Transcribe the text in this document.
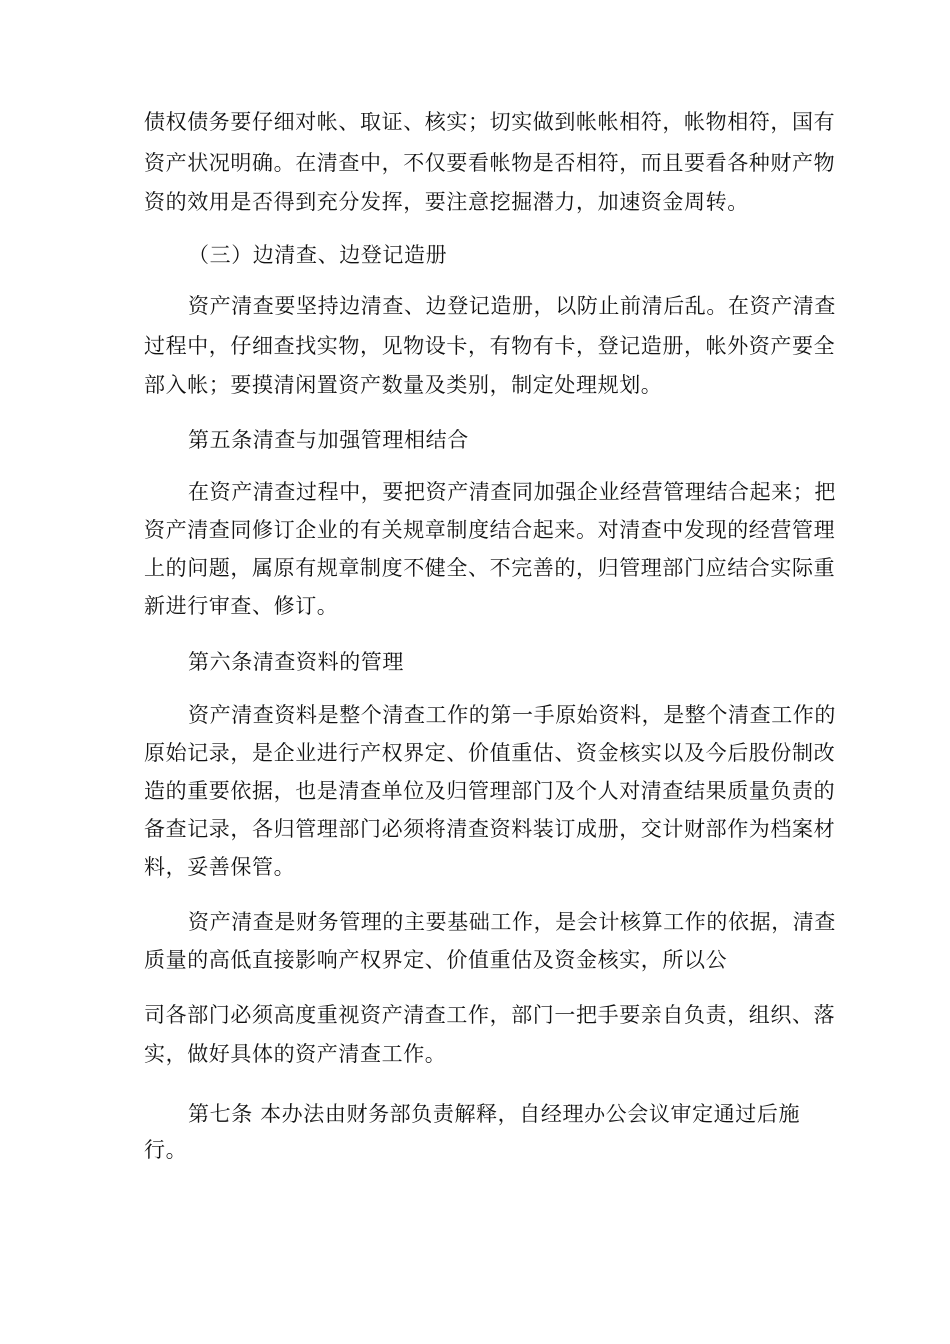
债权债务要仔细对帐、取证、核实；切实做到帐帐相符，帐物相符，国有
资产状况明确。在清查中，不仅要看帐物是否相符，而且要看各种财产物
资的效用是否得到充分发挥，要注意挖掘潜力，加速资金周转。
（三）边清查、边登记造册
资产清查要坚持边清查、边登记造册，以防止前清后乱。在资产清查
过程中，仔细查找实物，见物设卡，有物有卡，登记造册，帐外资产要全
部入帐；要摸清闲置资产数量及类别，制定处理规划。
第五条清查与加强管理相结合
在资产清查过程中，要把资产清查同加强企业经营管理结合起来；把
资产清查同修订企业的有关规章制度结合起来。对清查中发现的经营管理
上的问题，属原有规章制度不健全、不完善的，归管理部门应结合实际重
新进行审查、修订。
第六条清查资料的管理
资产清查资料是整个清查工作的第一手原始资料，是整个清查工作的
原始记录，是企业进行产权界定、价值重估、资金核实以及今后股份制改
造的重要依据，也是清查单位及归管理部门及个人对清查结果质量负责的
备查记录，各归管理部门必须将清查资料装订成册，交计财部作为档案材
料，妥善保管。
资产清查是财务管理的主要基础工作，是会计核算工作的依据，清查
质量的高低直接影响产权界定、价值重估及资金核实，所以公
司各部门必须高度重视资产清查工作，部门一把手要亲自负责，组织、落
实，做好具体的资产清查工作。
第七条 本办法由财务部负责解释，自经理办公会议审定通过后施
行。
